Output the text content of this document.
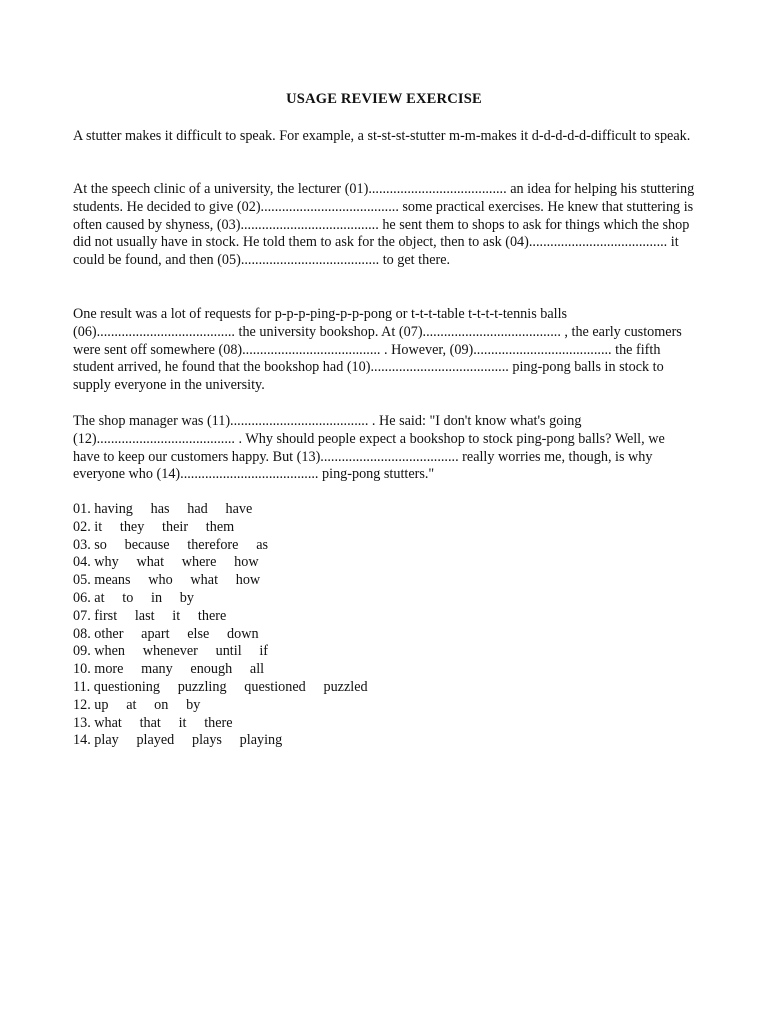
USAGE REVIEW EXERCISE

A stutter makes it difficult to speak. For example, a st-st-st-stutter m-m-makes it d-d-d-d-d-difficult to speak.

At the speech clinic of a university, the lecturer (01)....................................... an idea for helping his stuttering students. He decided to give (02)....................................... some practical exercises. He knew that stuttering is often caused by shyness, (03)....................................... he sent them to shops to ask for things which the shop did not usually have in stock. He told them to ask for the object, then to ask (04)....................................... it could be found, and then (05)....................................... to get there.

One result was a lot of requests for p-p-p-ping-p-p-pong or t-t-t-table t-t-t-t-tennis balls (06)....................................... the university bookshop. At (07)....................................... , the early customers were sent off somewhere (08)....................................... . However, (09)....................................... the fifth student arrived, he found that the bookshop had (10)....................................... ping-pong balls in stock to supply everyone in the university.

The shop manager was (11)....................................... . He said: "I don't know what's going (12)....................................... . Why should people expect a bookshop to stock ping-pong balls? Well, we have to keep our customers happy. But (13)....................................... really worries me, though, is why everyone who (14)....................................... ping-pong stutters."

01. having     has     had     have
02. it     they     their     them
03. so     because     therefore     as
04. why     what     where     how
05. means     who     what     how
06. at     to     in     by
07. first     last     it     there
08. other     apart     else     down
09. when     whenever     until     if
10. more     many     enough     all
11. questioning     puzzling     questioned     puzzled
12. up     at     on     by
13. what     that     it     there
14. play     played     plays     playing
